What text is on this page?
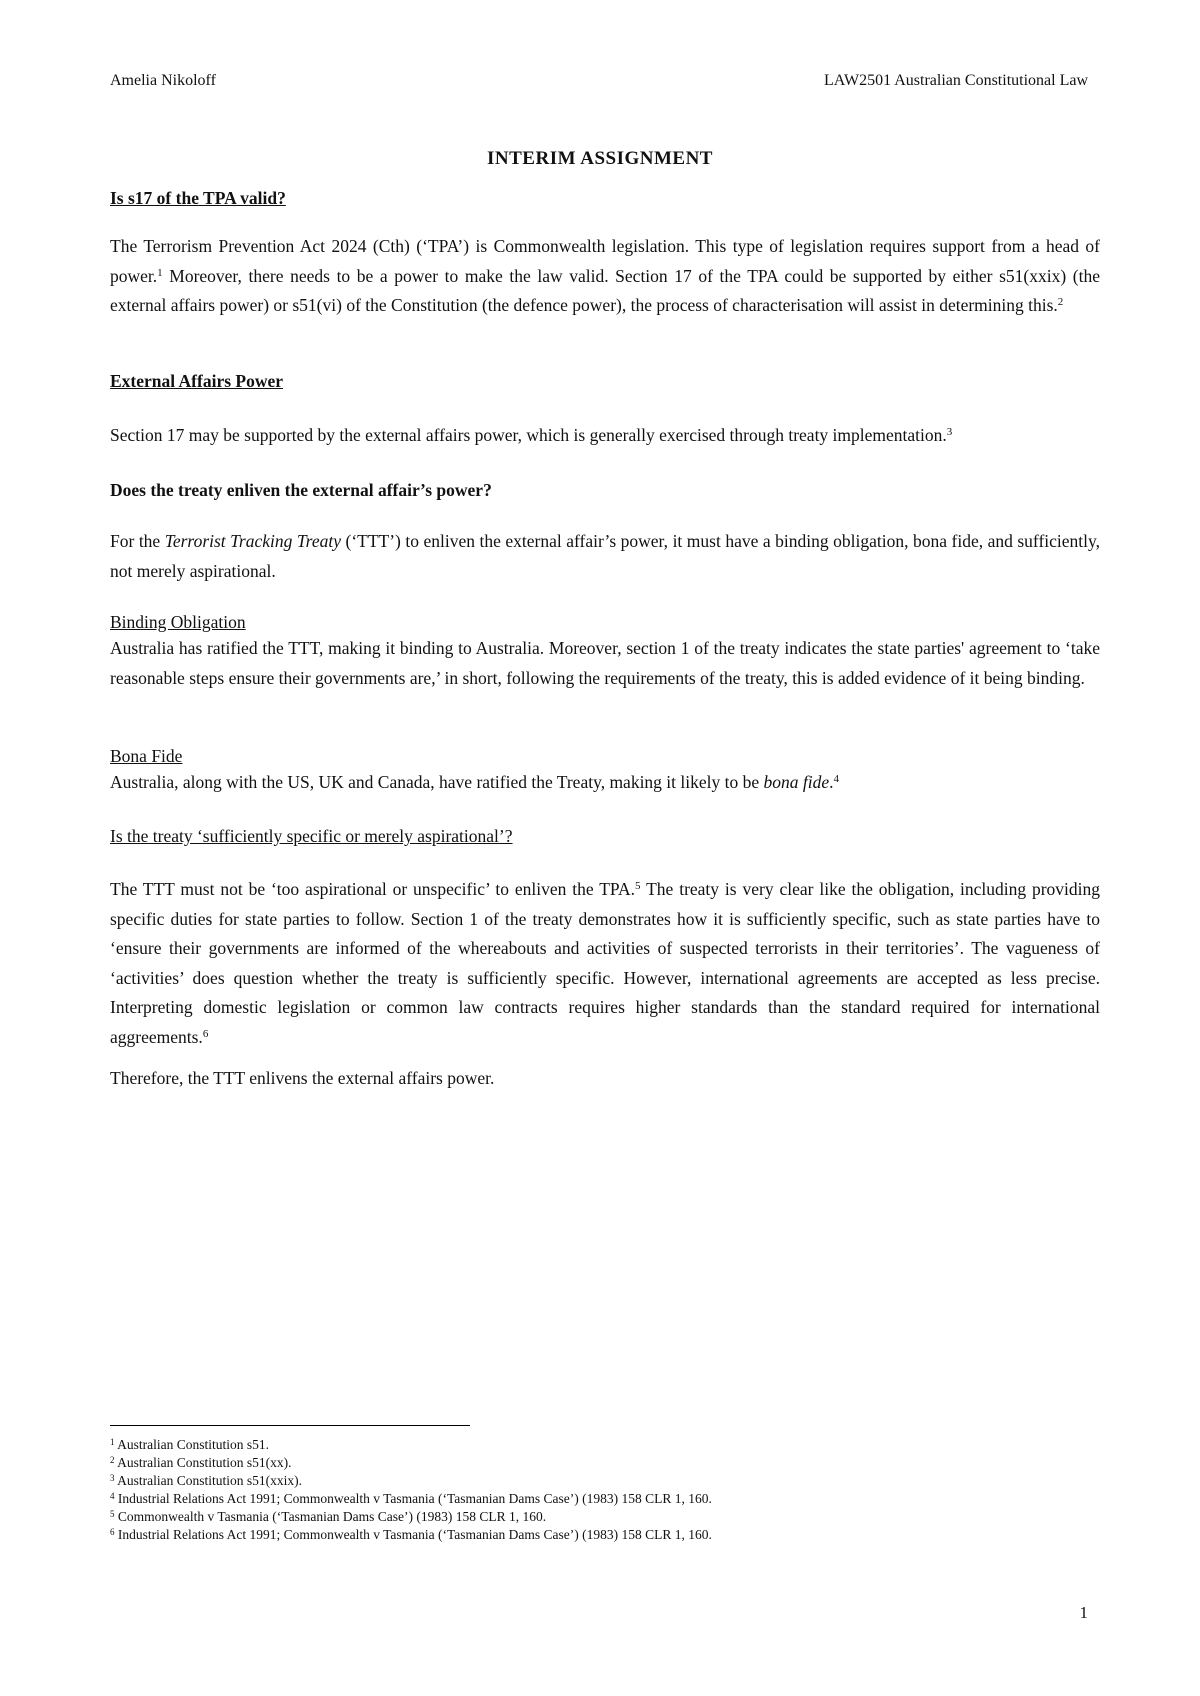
Amelia Nikoloff	LAW2501 Australian Constitutional Law
INTERIM ASSIGNMENT
Is s17 of the TPA valid?
The Terrorism Prevention Act 2024 (Cth) (‘TPA’) is Commonwealth legislation. This type of legislation requires support from a head of power.$^1$ Moreover, there needs to be a power to make the law valid. Section 17 of the TPA could be supported by either s51(xxix) (the external affairs power) or s51(vi) of the Constitution (the defence power), the process of characterisation will assist in determining this.$^2$
External Affairs Power
Section 17 may be supported by the external affairs power, which is generally exercised through treaty implementation.$^3$
Does the treaty enliven the external affair’s power?
For the Terrorist Tracking Treaty (‘TTT’) to enliven the external affair’s power, it must have a binding obligation, bona fide, and sufficiently, not merely aspirational.
Binding Obligation
Australia has ratified the TTT, making it binding to Australia. Moreover, section 1 of the treaty indicates the state parties' agreement to ‘take reasonable steps ensure their governments are,’ in short, following the requirements of the treaty, this is added evidence of it being binding.
Bona Fide
Australia, along with the US, UK and Canada, have ratified the Treaty, making it likely to be bona fide.$^4$
Is the treaty ‘sufficiently specific or merely aspirational’?
The TTT must not be ‘too aspirational or unspecific’ to enliven the TPA.$^5$ The treaty is very clear like the obligation, including providing specific duties for state parties to follow. Section 1 of the treaty demonstrates how it is sufficiently specific, such as state parties have to ‘ensure their governments are informed of the whereabouts and activities of suspected terrorists in their territories’. The vagueness of ‘activities’ does question whether the treaty is sufficiently specific. However, international agreements are accepted as less precise. Interpreting domestic legislation or common law contracts requires higher standards than the standard required for international aggreements.$^6$
Therefore, the TTT enlivens the external affairs power.
$^1$ Australian Constitution s51.
$^2$ Australian Constitution s51(xx).
$^3$ Australian Constitution s51(xxix).
$^4$ Industrial Relations Act 1991; Commonwealth v Tasmania (‘Tasmanian Dams Case’) (1983) 158 CLR 1, 160.
$^5$ Commonwealth v Tasmania (‘Tasmanian Dams Case’) (1983) 158 CLR 1, 160.
$^6$ Industrial Relations Act 1991; Commonwealth v Tasmania (‘Tasmanian Dams Case’) (1983) 158 CLR 1, 160.
1
